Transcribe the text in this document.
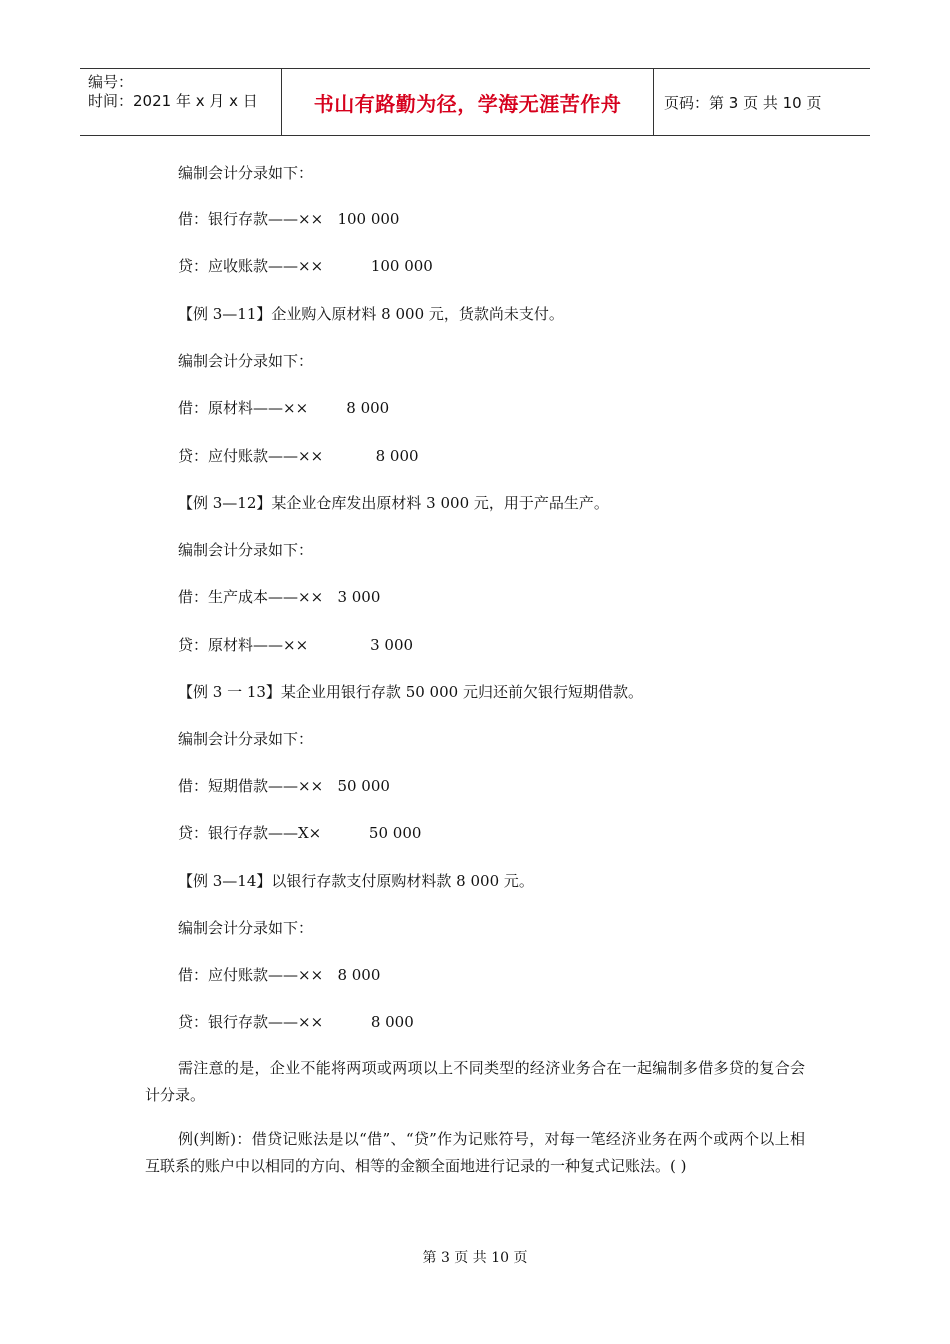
编号：
时间：2021 年 x 月 x 日	书山有路勤为径，学海无涯苦作舟	页码：第 3 页 共 10 页
编制会计分录如下：
借：银行存款——××   100 000
贷：应收账款——××          100 000
【例 3—11】企业购入原材料 8 000 元，货款尚未支付。
编制会计分录如下：
借：原材料——××        8 000
贷：应付账款——××           8 000
【例 3—12】某企业仓库发出原材料 3 000 元，用于产品生产。
编制会计分录如下：
借：生产成本——××   3 000
贷：原材料——××             3 000
【例 3 一 13】某企业用银行存款 50 000 元归还前欠银行短期借款。
编制会计分录如下：
借：短期借款——××   50 000
贷：银行存款——X×          50 000
【例 3—14】以银行存款支付原购材料款 8 000 元。
编制会计分录如下：
借：应付账款——××   8 000
贷：银行存款——××          8 000
需注意的是，企业不能将两项或两项以上不同类型的经济业务合在一起编制多借多贷的复合会计分录。
例(判断)：借贷记账法是以“借”、“贷”作为记账符号，对每一笔经济业务在两个或两个以上相互联系的账户中以相同的方向、相等的金额全面地进行记录的一种复式记账法。( )
第 3 页 共 10 页
